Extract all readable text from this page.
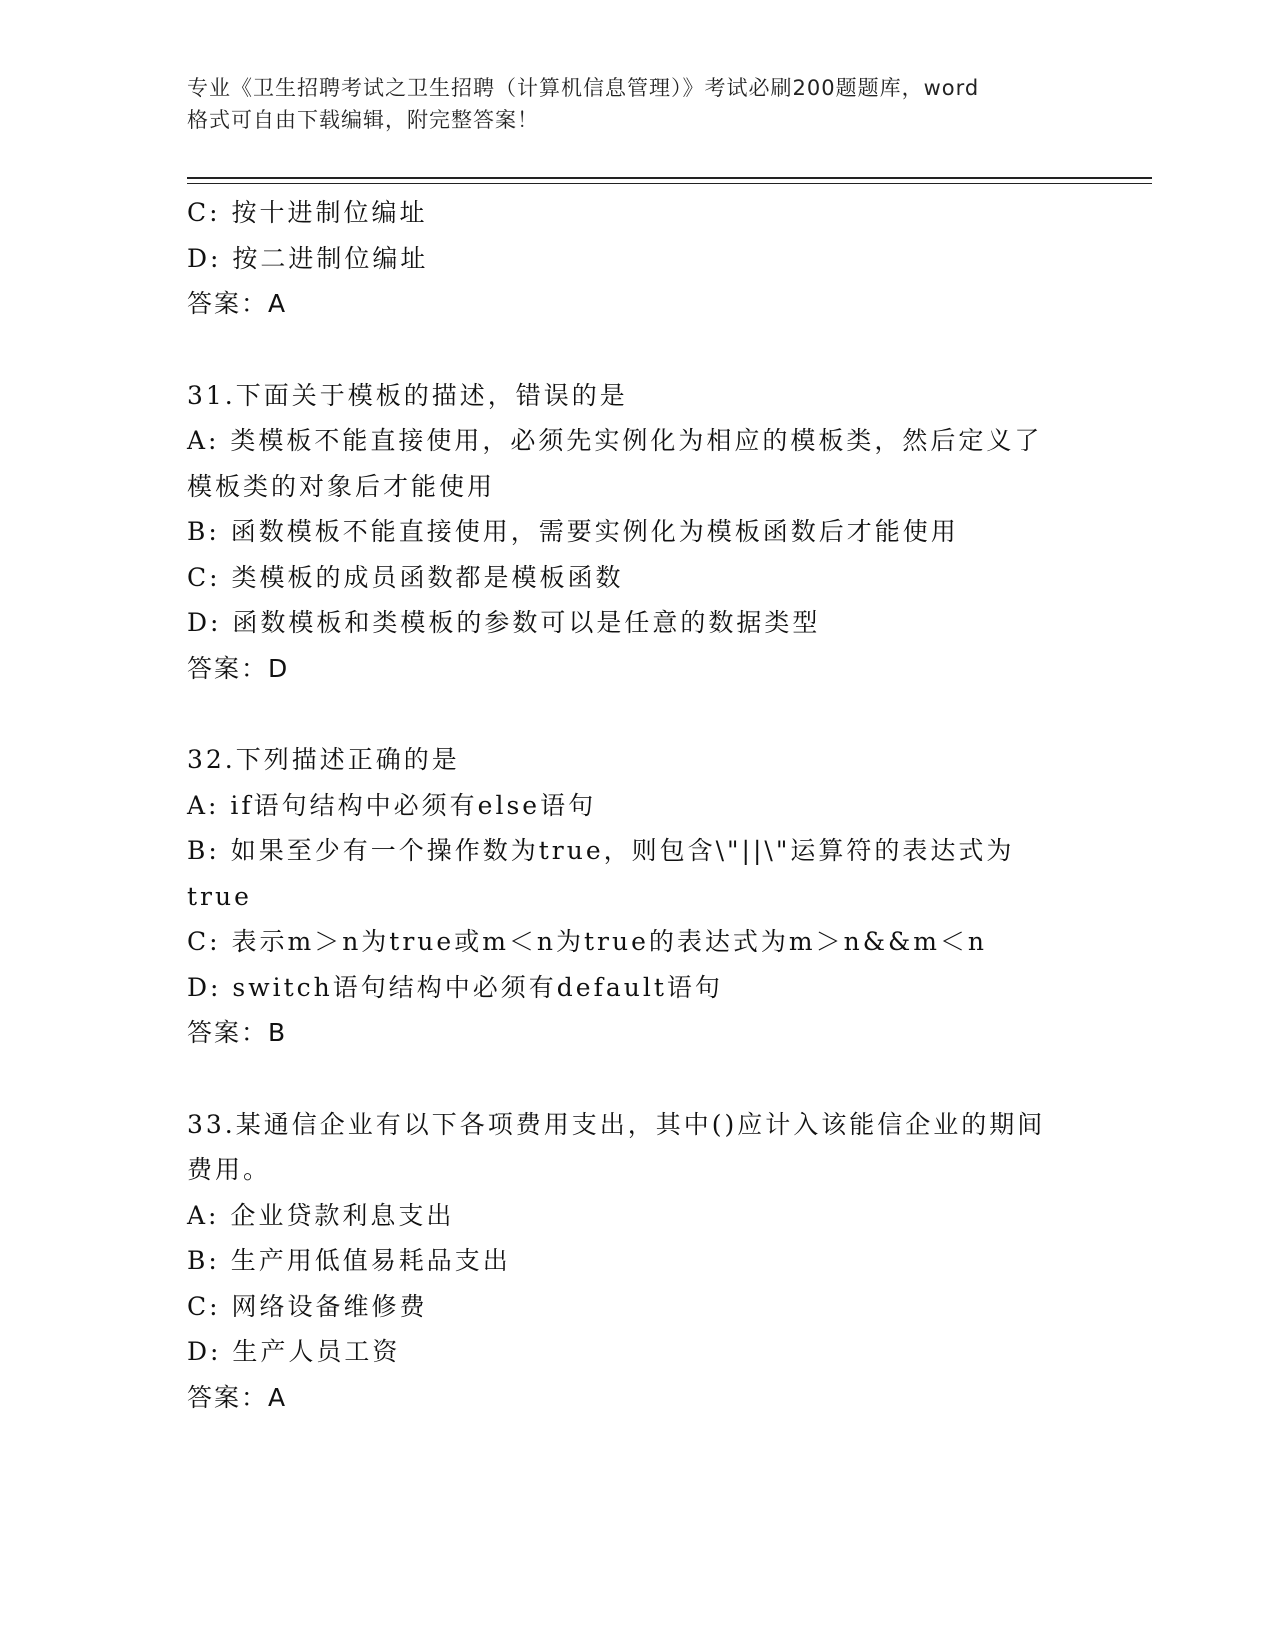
专业《卫生招聘考试之卫生招聘（计算机信息管理）》考试必刷200题题库，word
格式可自由下载编辑，附完整答案！
C: 按十进制位编址
D: 按二进制位编址
答案：A
31.下面关于模板的描述，错误的是
A: 类模板不能直接使用，必须先实例化为相应的模板类，然后定义了
模板类的对象后才能使用
B: 函数模板不能直接使用，需要实例化为模板函数后才能使用
C: 类模板的成员函数都是模板函数
D: 函数模板和类模板的参数可以是任意的数据类型
答案：D
32.下列描述正确的是
A: if语句结构中必须有else语句
B: 如果至少有一个操作数为true，则包含\"||\"运算符的表达式为
true
C: 表示m＞n为true或m＜n为true的表达式为m＞n&&m＜n
D: switch语句结构中必须有default语句
答案：B
33.某通信企业有以下各项费用支出，其中()应计入该能信企业的期间
费用。
A: 企业贷款利息支出
B: 生产用低值易耗品支出
C: 网络设备维修费
D: 生产人员工资
答案：A
